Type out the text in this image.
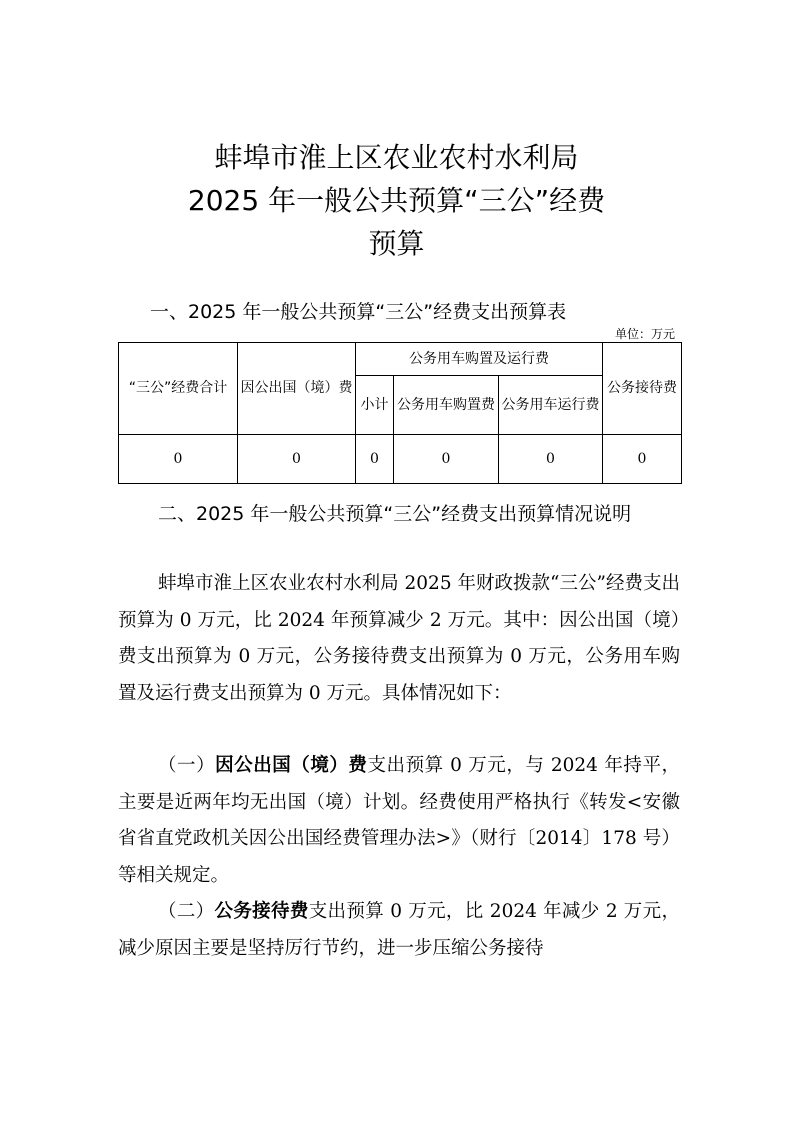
蚌埠市淮上区农业农村水利局
2025 年一般公共预算“三公”经费
预算
一、2025 年一般公共预算“三公”经费支出预算表
单位：万元
“三公”经费合计	因公出国（境）费	公务用车购置及运行费			公务接待费
		小计	公务用车购置费	公务用车运行费	
0	0	0	0	0	0
二、2025 年一般公共预算“三公”经费支出预算情况说明
蚌埠市淮上区农业农村水利局 2025 年财政拨款“三公”经费支出预算为 0 万元，比 2024 年预算减少 2 万元。其中：因公出国（境）费支出预算为 0 万元，公务接待费支出预算为 0 万元，公务用车购置及运行费支出预算为 0 万元。具体情况如下：
（一）因公出国（境）费支出预算 0 万元，与 2024 年持平，主要是近两年均无出国（境）计划。经费使用严格执行《转发<安徽省省直党政机关因公出国经费管理办法>》（财行〔2014〕178 号）等相关规定。
（二）公务接待费支出预算 0 万元，比 2024 年减少 2 万元，减少原因主要是坚持厉行节约，进一步压缩公务接待
